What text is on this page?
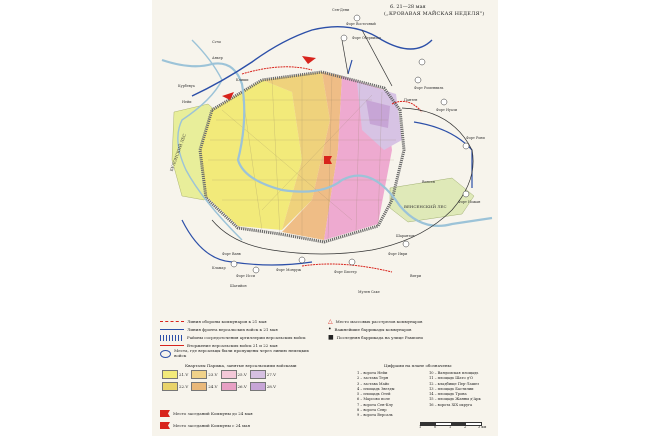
6. 21—28 мая
(„КРОВАВАЯ МАЙСКАЯ НЕДЕЛЯ")
Сен-Дени
Форт Восточный
Форт Обервилье
Аньер
Курбевуа
Нейи
Клиши
Форт Роменвиль
Пантен
Форт Нуази
Форт Рони
БУЛОНСКИЙ ЛЕС
ВЕНСЕНСКИЙ ЛЕС
Венсен
Форт Ножан
Шарантон
Форт Ванв
Форт Исси
Форт Монруж	Форт Бисетр
Форт Иври
Кламар
Шатийон
Мулен Саке
Витри
Сена
Линия обороны коммунаров к 21 мая
Линия фронта версальских войск к 21 мая
Районы сосредоточения артиллерии версальских войск
Вторжение версальских войск 21 и 22 мая
Места, где версальцы были пропущены через линию немецких войск
Кварталы Парижа, занятые версальскими войсками
21.V	23.V	25.V	27.V
22.V	24.V	26.V	28.V
Место заседаний Коммуны до 24 мая
Место заседаний Коммуны с 24 мая
△ Место массовых расстрелов коммунаров
• Важнейшие баррикады коммунаров
■ Последняя баррикада на улице Рампоно
Цифрами на плане обозначены:
1 – ворота Нейи
2 – застава Терн
3 – застава Майо
4 – площадь Звезды
5 – площадь Отей
6 – Марсово поле
7 – ворота Сен-Клу
8 – ворота Севр
9 – ворота Версаль
10 – Вандомская площадь
11 – площадь Шато д'О
12 – кладбище Пер-Лашез
13 – площадь Бастилии
14 – площадь Трона
15 – площадь Жанны д'Арк
16 – ворота XIX округа
1	0	1	2	3 км
